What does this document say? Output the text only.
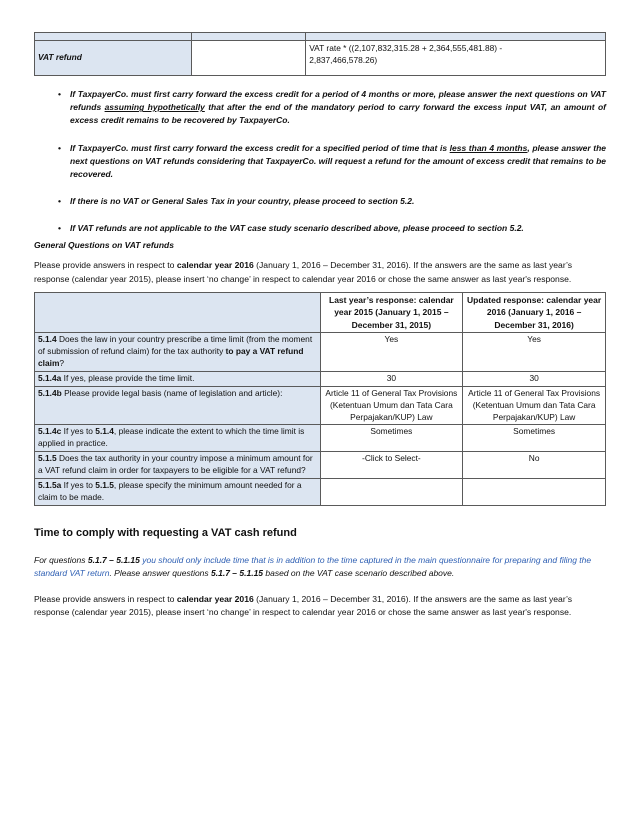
VAT refund		VAT rate * ((2,107,832,315.28 + 2,364,555,481.88) -
2,837,466,578.26)
• If TaxpayerCo. must first carry forward the excess credit for a period of 4 months or more, please answer the next questions on VAT refunds assuming hypothetically that after the end of the mandatory period to carry forward the excess input VAT, an amount of excess credit remains to be recovered by TaxpayerCo.
• If TaxpayerCo. must first carry forward the excess credit for a specified period of time that is less than 4 months, please answer the next questions on VAT refunds considering that TaxpayerCo. will request a refund for the amount of excess credit that remains to be recovered.
• If there is no VAT or General Sales Tax in your country, please proceed to section 5.2.
• If VAT refunds are not applicable to the VAT case study scenario described above, please proceed to section 5.2.
General Questions on VAT refunds

Please provide answers in respect to calendar year 2016 (January 1, 2016 – December 31, 2016). If the answers are the same as last year’s response (calendar year 2015), please insert ‘no change’ in respect to calendar year 2016 or chose the same answer as last year's response.

	Last year’s response: calendar year 2015 (January 1, 2015 – December 31, 2015)	Updated response: calendar year 2016 (January 1, 2016 – December 31, 2016)
5.1.4 Does the law in your country prescribe a time limit (from the moment of submission of refund claim) for the tax authority to pay a VAT refund claim?	Yes	Yes
5.1.4a If yes, please provide the time limit.	30	30
5.1.4b Please provide legal basis (name of legislation and article):	Article 11 of General Tax Provisions (Ketentuan Umum dan Tata Cara Perpajakan/KUP) Law	Article 11 of General Tax Provisions (Ketentuan Umum dan Tata Cara Perpajakan/KUP) Law
5.1.4c If yes to 5.1.4, please indicate the extent to which the time limit is applied in practice.	Sometimes	Sometimes
5.1.5 Does the tax authority in your country impose a minimum amount for a VAT refund claim in order for taxpayers to be eligible for a VAT refund?	-Click to Select-	No
5.1.5a If yes to 5.1.5, please specify the minimum amount needed for a claim to be made.		
Time to comply with requesting a VAT cash refund

For questions 5.1.7 – 5.1.15 you should only include time that is in addition to the time captured in the main questionnaire for preparing and filing the standard VAT return. Please answer questions 5.1.7 – 5.1.15 based on the VAT case scenario described above.

Please provide answers in respect to calendar year 2016 (January 1, 2016 – December 31, 2016). If the answers are the same as last year’s response (calendar year 2015), please insert ‘no change’ in respect to calendar year 2016 or chose the same answer as last year's response.
